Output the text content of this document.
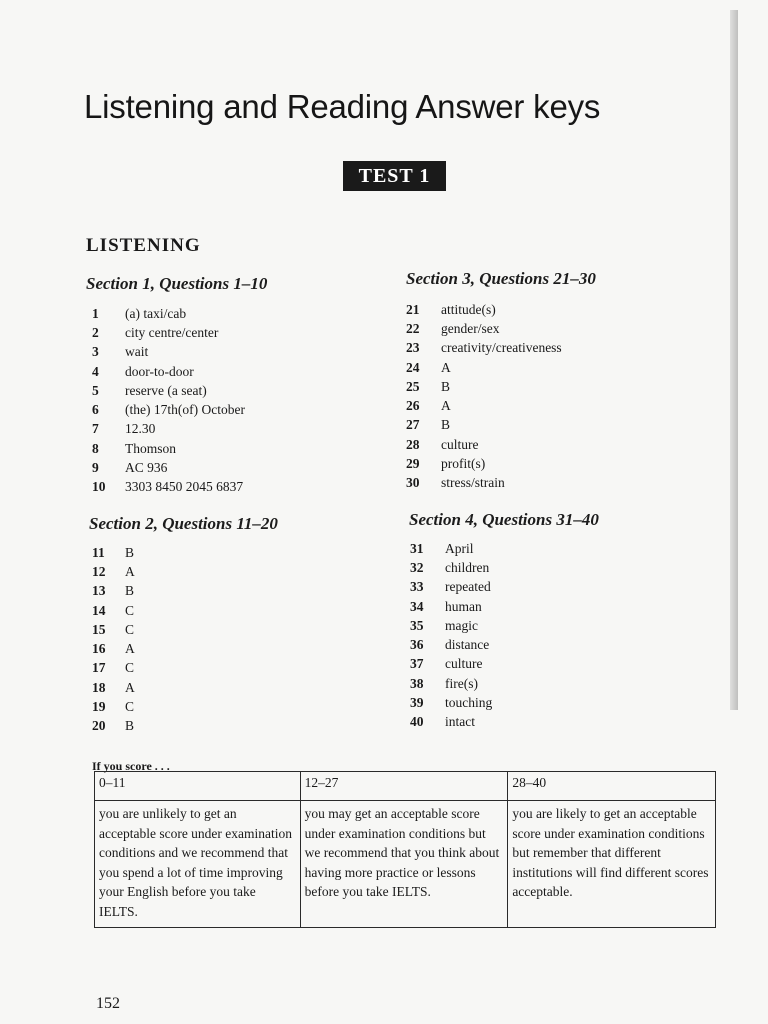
Listening and Reading Answer keys
TEST 1
LISTENING
Section 1, Questions 1–10
1	(a) taxi/cab
2	city centre/center
3	wait
4	door-to-door
5	reserve (a seat)
6	(the) 17th(of) October
7	12.30
8	Thomson
9	AC 936
10	3303 8450 2045 6837
Section 2, Questions 11–20
11	B
12	A
13	B
14	C
15	C
16	A
17	C
18	A
19	C
20	B
Section 3, Questions 21–30
21	attitude(s)
22	gender/sex
23	creativity/creativeness
24	A
25	B
26	A
27	B
28	culture
29	profit(s)
30	stress/strain
Section 4, Questions 31–40
31	April
32	children
33	repeated
34	human
35	magic
36	distance
37	culture
38	fire(s)
39	touching
40	intact
If you score . . .
0–11	12–27	28–40
you are unlikely to get an acceptable score under examination conditions and we recommend that you spend a lot of time improving your English before you take IELTS.	you may get an acceptable score under examination conditions but we recommend that you think about having more practice or lessons before you take IELTS.	you are likely to get an acceptable score under examination conditions but remember that different institutions will find different scores acceptable.
152
